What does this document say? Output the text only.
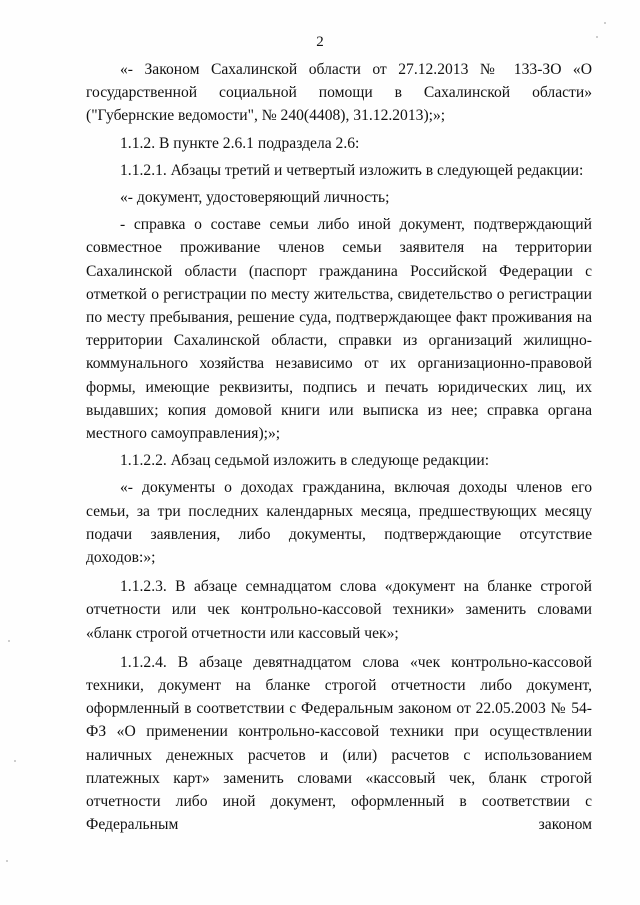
2

«- Законом Сахалинской области от 27.12.2013 № 133-ЗО «О государственной социальной помощи в Сахалинской области» ("Губернские ведомости", № 240(4408), 31.12.2013);»;

1.1.2. В пункте 2.6.1 подраздела 2.6:

1.1.2.1. Абзацы третий и четвертый изложить в следующей редакции:

«- документ, удостоверяющий личность;

- справка о составе семьи либо иной документ, подтверждающий совместное проживание членов семьи заявителя на территории Сахалинской области (паспорт гражданина Российской Федерации с отметкой о регистрации по месту жительства, свидетельство о регистрации по месту пребывания, решение суда, подтверждающее факт проживания на территории Сахалинской области, справки из организаций жилищно-коммунального хозяйства независимо от их организационно-правовой формы, имеющие реквизиты, подпись и печать юридических лиц, их выдавших; копия домовой книги или выписка из нее; справка органа местного самоуправления);»;

1.1.2.2. Абзац седьмой изложить в следующе редакции:

«- документы о доходах гражданина, включая доходы членов его семьи, за три последних календарных месяца, предшествующих месяцу подачи заявления, либо документы, подтверждающие отсутствие доходов:»;

1.1.2.3. В абзаце семнадцатом слова «документ на бланке строгой отчетности или чек контрольно-кассовой техники» заменить словами «бланк строгой отчетности или кассовый чек»;

1.1.2.4. В абзаце девятнадцатом слова «чек контрольно-кассовой техники, документ на бланке строгой отчетности либо документ, оформленный в соответствии с Федеральным законом от 22.05.2003 № 54-ФЗ «О применении контрольно-кассовой техники при осуществлении наличных денежных расчетов и (или) расчетов с использованием платежных карт» заменить словами «кассовый чек, бланк строгой отчетности либо иной документ, оформленный в соответствии с Федеральным законом
